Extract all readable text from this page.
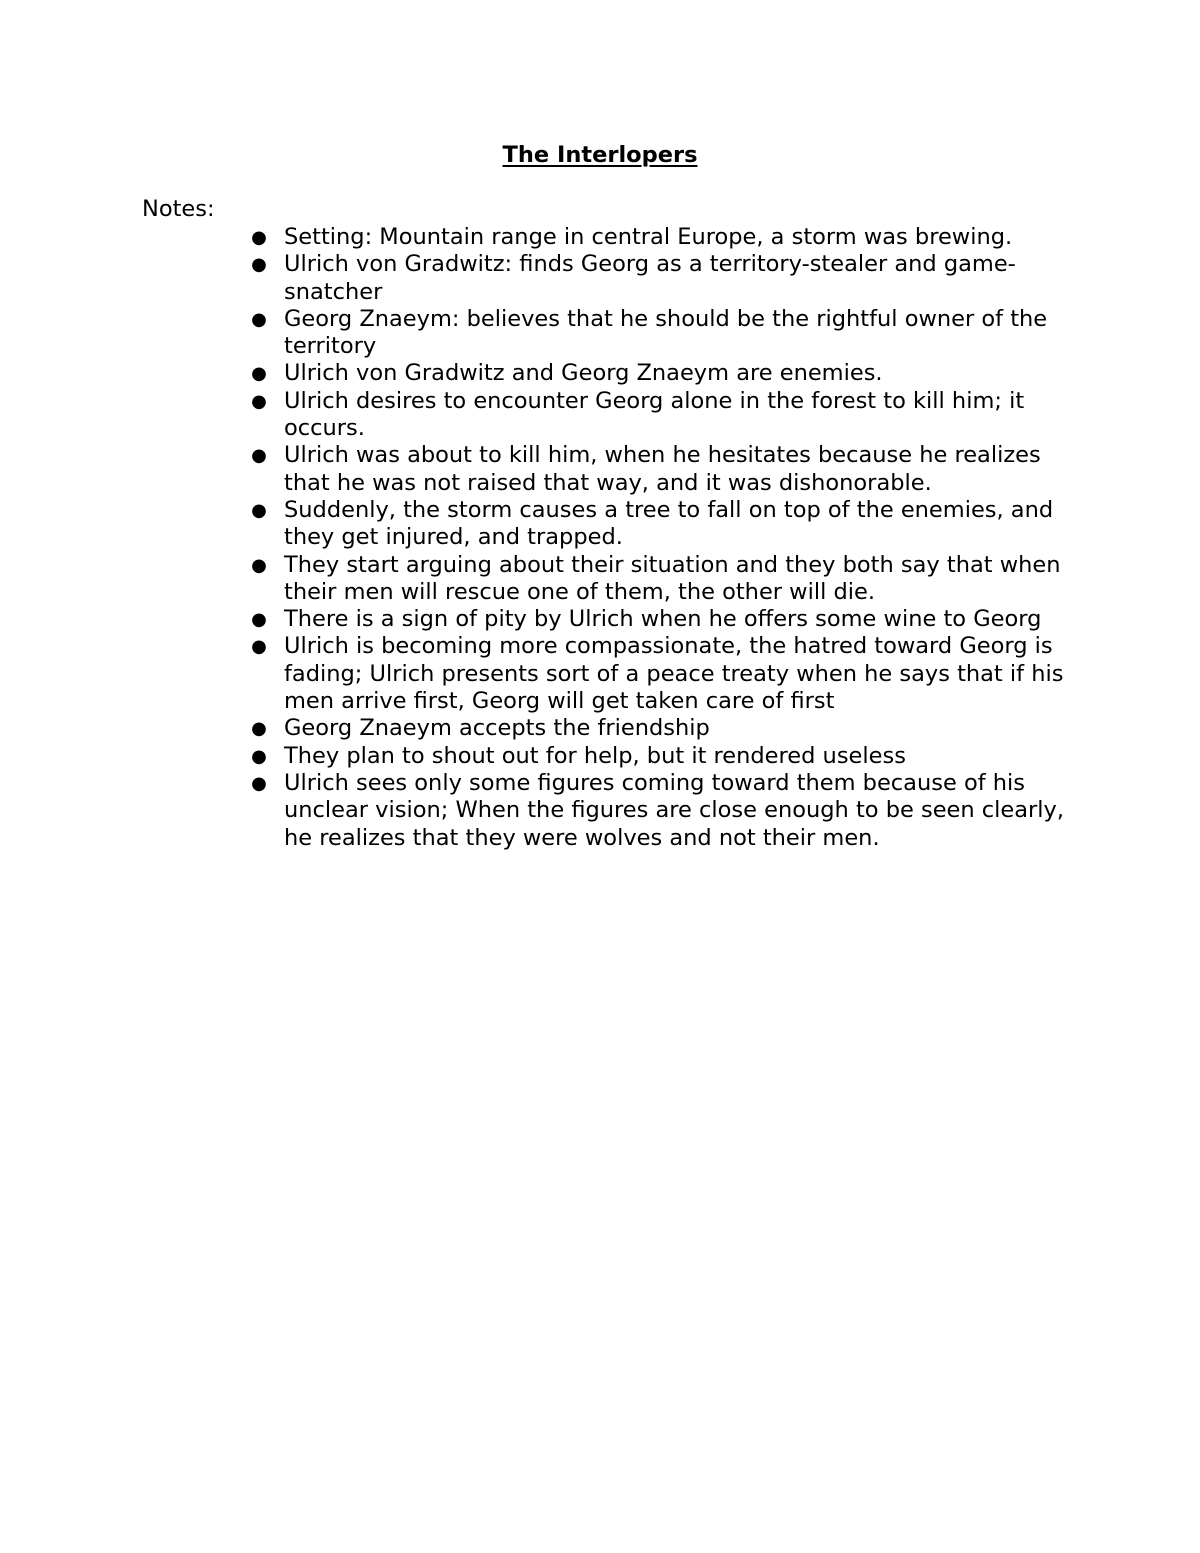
The Interlopers

Notes:

● Setting: Mountain range in central Europe, a storm was brewing.
● Ulrich von Gradwitz: finds Georg as a territory-stealer and game-snatcher
● Georg Znaeym: believes that he should be the rightful owner of the territory
● Ulrich von Gradwitz and Georg Znaeym are enemies.
● Ulrich desires to encounter Georg alone in the forest to kill him; it occurs.
● Ulrich was about to kill him, when he hesitates because he realizes that he was not raised that way, and it was dishonorable.
● Suddenly, the storm causes a tree to fall on top of the enemies, and they get injured, and trapped.
● They start arguing about their situation and they both say that when their men will rescue one of them, the other will die.
● There is a sign of pity by Ulrich when he offers some wine to Georg
● Ulrich is becoming more compassionate, the hatred toward Georg is fading; Ulrich presents sort of a peace treaty when he says that if his men arrive first, Georg will get taken care of first
● Georg Znaeym accepts the friendship
● They plan to shout out for help, but it rendered useless
● Ulrich sees only some figures coming toward them because of his unclear vision; When the figures are close enough to be seen clearly, he realizes that they were wolves and not their men.
